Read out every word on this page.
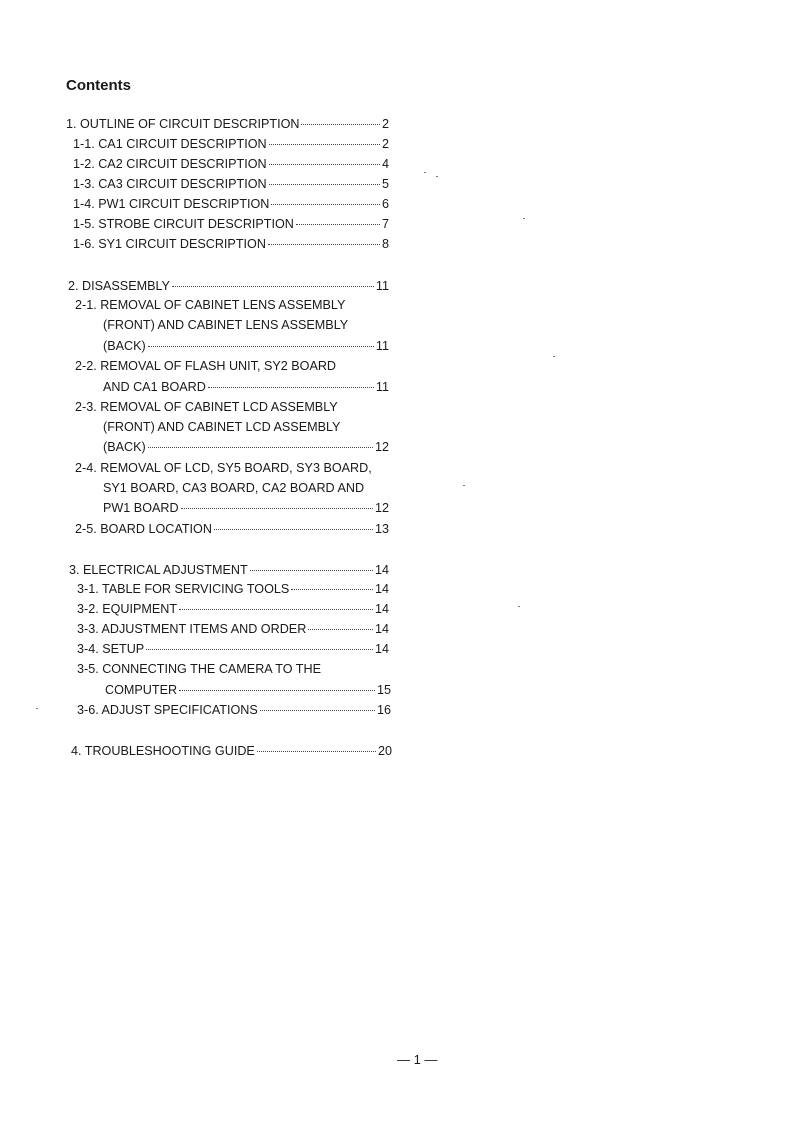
Contents
1. OUTLINE OF CIRCUIT DESCRIPTION	2
1-1. CA1 CIRCUIT DESCRIPTION	2
1-2. CA2 CIRCUIT DESCRIPTION	4
1-3. CA3 CIRCUIT DESCRIPTION	5
1-4. PW1 CIRCUIT DESCRIPTION	6
1-5. STROBE CIRCUIT DESCRIPTION	7
1-6. SY1 CIRCUIT DESCRIPTION	8
2. DISASSEMBLY	11
2-1. REMOVAL OF CABINET LENS ASSEMBLY
(FRONT) AND CABINET LENS ASSEMBLY
(BACK)	11
2-2. REMOVAL OF FLASH UNIT, SY2 BOARD
AND CA1 BOARD	11
2-3. REMOVAL OF CABINET LCD ASSEMBLY
(FRONT) AND CABINET LCD ASSEMBLY
(BACK)	12
2-4. REMOVAL OF LCD, SY5 BOARD, SY3 BOARD,
SY1 BOARD, CA3 BOARD, CA2 BOARD AND
PW1 BOARD	12
2-5. BOARD LOCATION	13
3. ELECTRICAL ADJUSTMENT	14
3-1. TABLE FOR SERVICING TOOLS	14
3-2. EQUIPMENT	14
3-3. ADJUSTMENT ITEMS AND ORDER	14
3-4. SETUP	14
3-5. CONNECTING THE CAMERA TO THE
COMPUTER	15
3-6. ADJUST SPECIFICATIONS	16
4. TROUBLESHOOTING GUIDE	20
— 1 —
